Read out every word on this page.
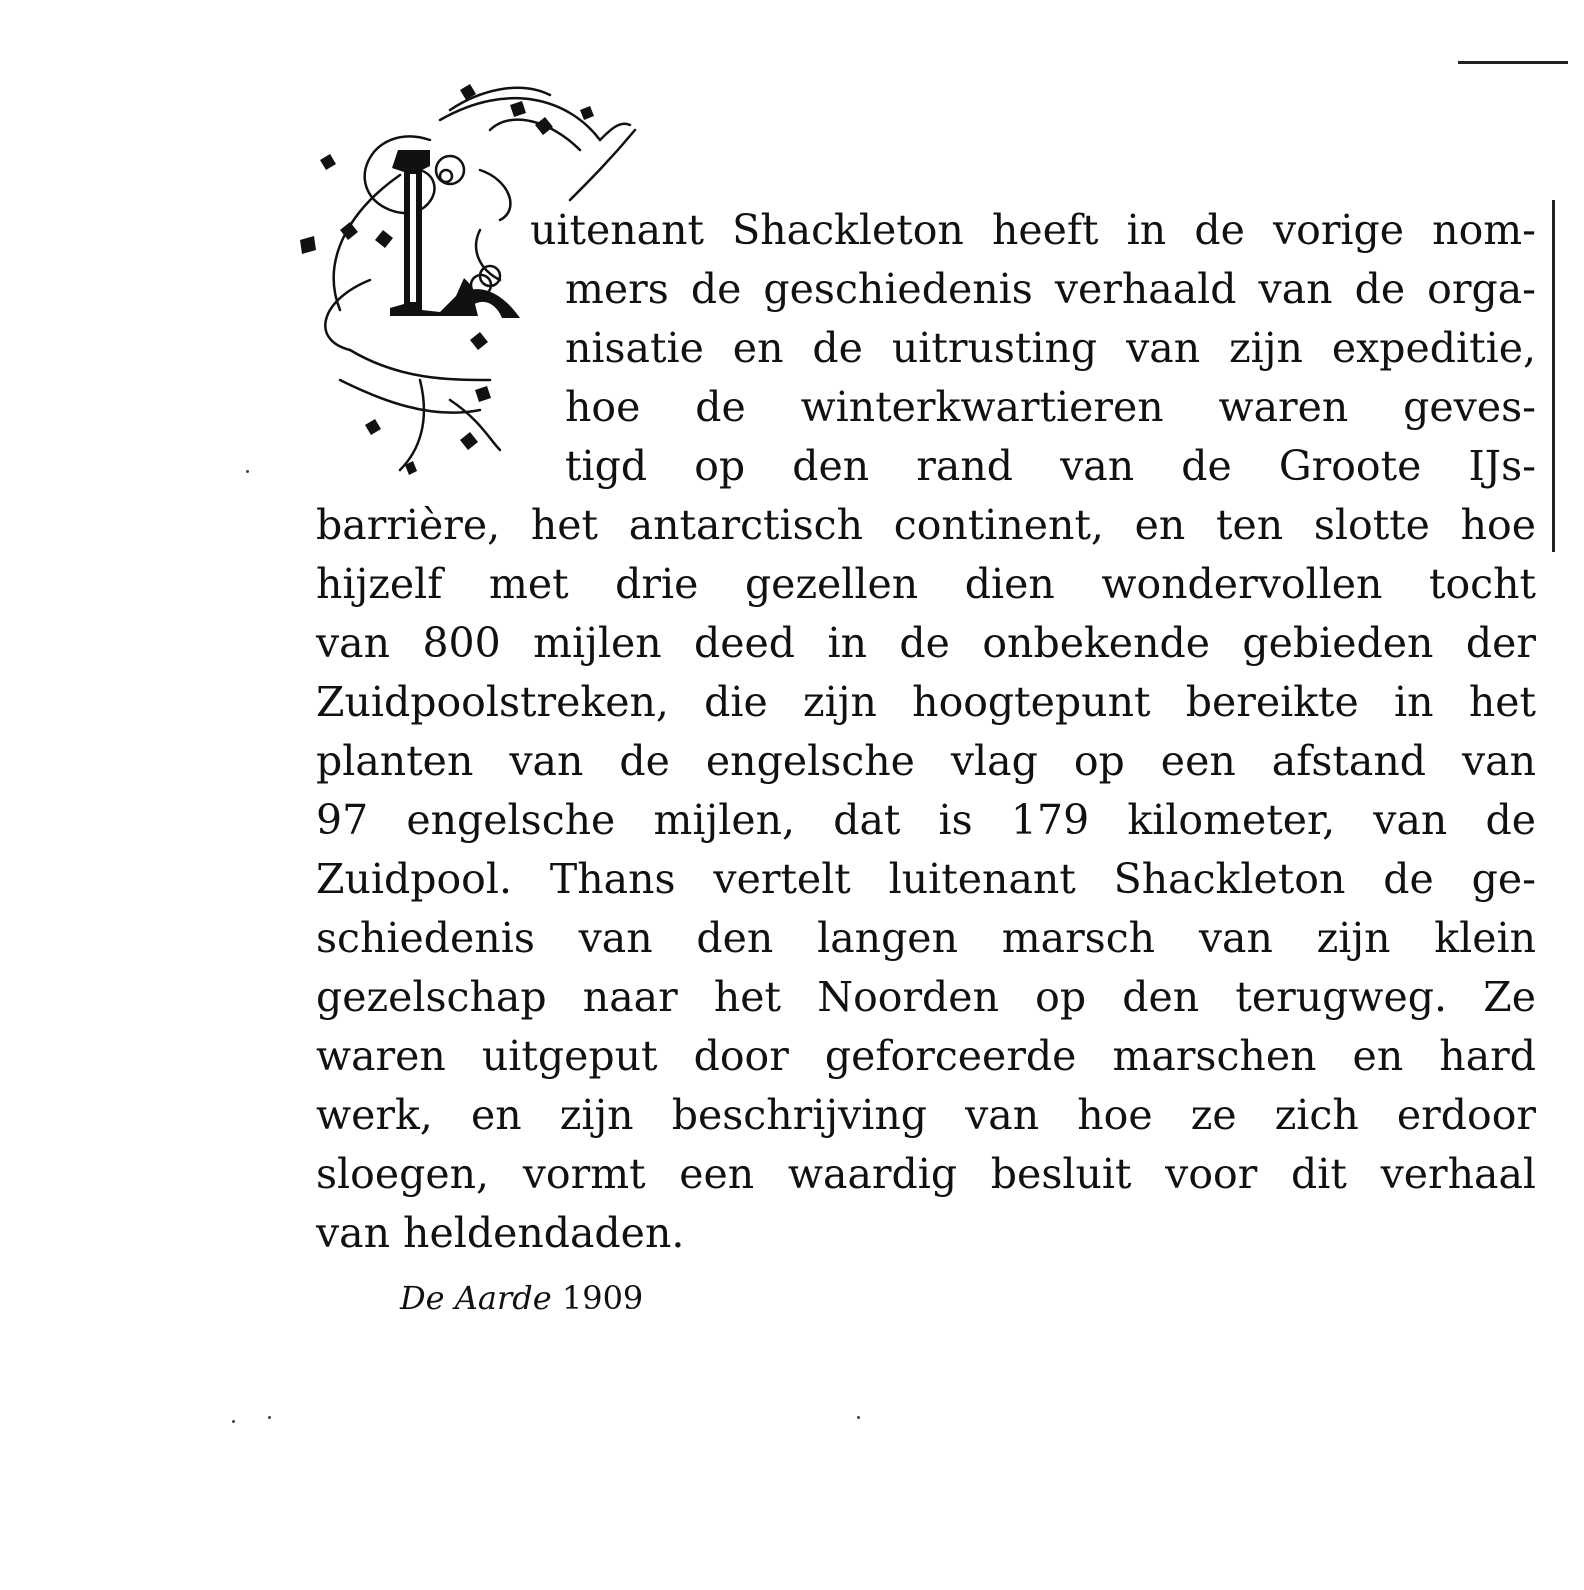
uitenant Shackleton heeft in de vorige nom-
mers de geschiedenis verhaald van de orga-
nisatie en de uitrusting van zijn expeditie,
hoe de winterkwartieren waren geves-
tigd op den rand van de Groote IJs-
barrière, het antarctisch continent, en ten slotte hoe
hijzelf met drie gezellen dien wondervollen tocht
van 800 mijlen deed in de onbekende gebieden der
Zuidpoolstreken, die zijn hoogtepunt bereikte in het
planten van de engelsche vlag op een afstand van
97 engelsche mijlen, dat is 179 kilometer, van de
Zuidpool. Thans vertelt luitenant Shackleton de ge-
schiedenis van den langen marsch van zijn klein
gezelschap naar het Noorden op den terugweg. Ze
waren uitgeput door geforceerde marschen en hard
werk, en zijn beschrijving van hoe ze zich erdoor
sloegen, vormt een waardig besluit voor dit verhaal
van heldendaden.
De Aarde 1909
